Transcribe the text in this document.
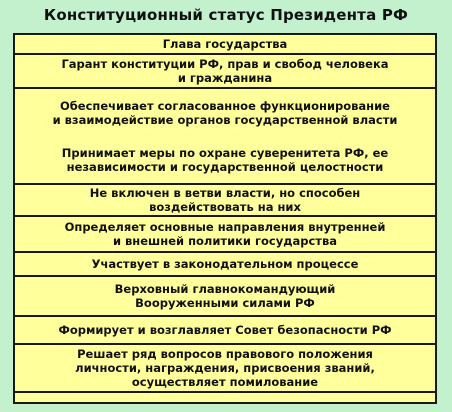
Конституционный статус Президента РФ
Глава государства
Гарант конституции РФ, прав и свобод человека
и гражданина
Обеспечивает согласованное функционирование
и взаимодействие органов государственной власти
Принимает меры по охране суверенитета РФ, ее
независимости и государственной целостности
Не включен в ветви власти, но способен
воздействовать на них
Определяет основные направления внутренней
и внешней политики государства
Участвует в законодательном процессе
Верховный главнокомандующий
Вооруженными силами РФ
Формирует и возглавляет Совет безопасности РФ
Решает ряд вопросов правового положения
личности, награждения, присвоения званий,
осуществляет помилование
